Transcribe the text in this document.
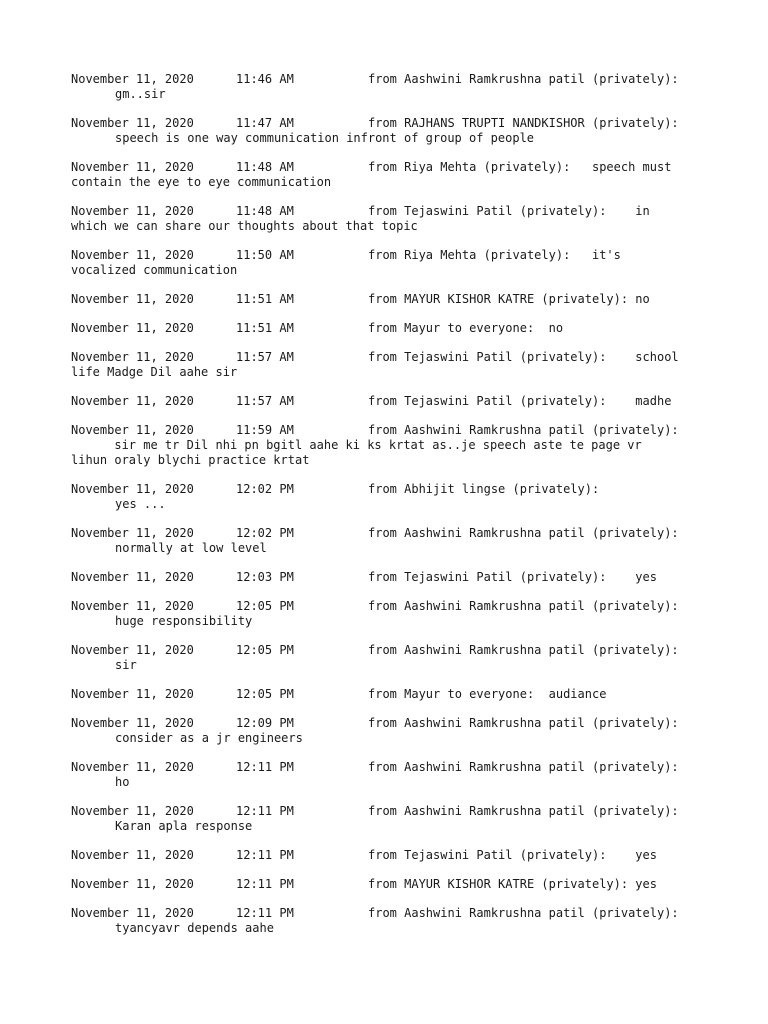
November 11, 2020	11:46 AM	from Aashwini Ramkrushna patil (privately):
gm..sir
November 11, 2020	11:47 AM	from RAJHANS TRUPTI NANDKISHOR (privately):
speech is one way communication infront of group of people
November 11, 2020	11:48 AM	from Riya Mehta (privately):   speech must
contain the eye to eye communication
November 11, 2020	11:48 AM	from Tejaswini Patil (privately):    in
which we can share our thoughts about that topic
November 11, 2020	11:50 AM	from Riya Mehta (privately):   it's
vocalized communication
November 11, 2020	11:51 AM	from MAYUR KISHOR KATRE (privately): no
November 11, 2020	11:51 AM	from Mayur to everyone:  no
November 11, 2020	11:57 AM	from Tejaswini Patil (privately):    school
life Madge Dil aahe sir
November 11, 2020	11:57 AM	from Tejaswini Patil (privately):    madhe
November 11, 2020	11:59 AM	from Aashwini Ramkrushna patil (privately):
sir me tr Dil nhi pn bgitl aahe ki ks krtat as..je speech aste te page vr
lihun oraly blychi practice krtat
November 11, 2020	12:02 PM	from Abhijit lingse (privately):
yes ...
November 11, 2020	12:02 PM	from Aashwini Ramkrushna patil (privately):
normally at low level
November 11, 2020	12:03 PM	from Tejaswini Patil (privately):    yes
November 11, 2020	12:05 PM	from Aashwini Ramkrushna patil (privately):
huge responsibility
November 11, 2020	12:05 PM	from Aashwini Ramkrushna patil (privately):
sir
November 11, 2020	12:05 PM	from Mayur to everyone:  audiance
November 11, 2020	12:09 PM	from Aashwini Ramkrushna patil (privately):
consider as a jr engineers
November 11, 2020	12:11 PM	from Aashwini Ramkrushna patil (privately):
ho
November 11, 2020	12:11 PM	from Aashwini Ramkrushna patil (privately):
Karan apla response
November 11, 2020	12:11 PM	from Tejaswini Patil (privately):    yes
November 11, 2020	12:11 PM	from MAYUR KISHOR KATRE (privately): yes
November 11, 2020	12:11 PM	from Aashwini Ramkrushna patil (privately):
tyancyavr depends aahe
